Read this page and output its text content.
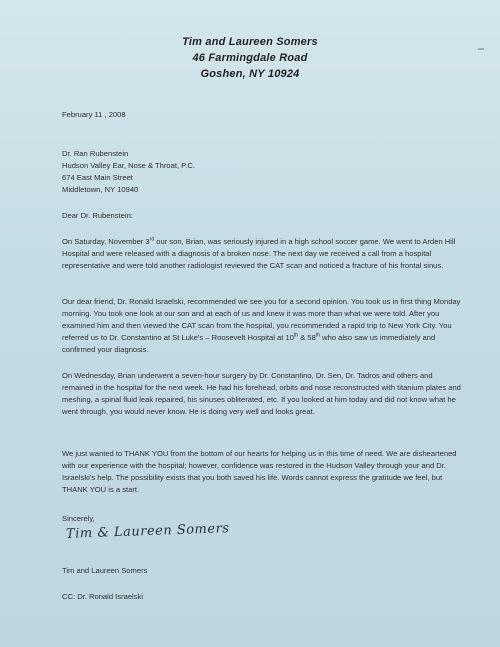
Tim and Laureen Somers
46 Farmingdale Road
Goshen, NY 10924
February 11 , 2008
Dr. Ran Rubenstein
Hudson Valley Ear, Nose & Throat, P.C.
674 East Main Street
Middletown, NY 10940
Dear Dr. Rubenstein:
On Saturday, November 3rd our son, Brian, was seriously injured in a high school soccer game. We went to Arden Hill Hospital and were released with a diagnosis of a broken nose. The next day we received a call from a hospital representative and were told another radiologist reviewed the CAT scan and noticed a fracture of his frontal sinus.
Our dear friend, Dr. Ronald Israelski, recommended we see you for a second opinion. You took us in first thing Monday morning. You took one look at our son and at each of us and knew it was more than what we were told. After you examined him and then viewed the CAT scan from the hospital, you recommended a rapid trip to New York City. You referred us to Dr. Constantino at St Luke's – Roosevelt Hospital at 10th & 58th who also saw us immediately and confirmed your diagnosis.
On Wednesday, Brian underwent a seven-hour surgery by Dr. Constantino, Dr. Sen, Dr. Tadros and others and remained in the hospital for the next week. He had his forehead, orbits and nose reconstructed with titanium plates and meshing, a spinal fluid leak repaired, his sinuses obliterated, etc. If you looked at him today and did not know what he went through, you would never know. He is doing very well and looks great.
We just wanted to THANK YOU from the bottom of our hearts for helping us in this time of need. We are disheartened with our experience with the hospital; however, confidence was restored in the Hudson Valley through your and Dr. Israelski's help. The possibility exists that you both saved his life. Words cannot express the gratitude we feel, but THANK YOU is a start.
Sincerely,
Tim & Laureen Somers
Tim and Laureen Somers
CC: Dr. Ronald Israelski
